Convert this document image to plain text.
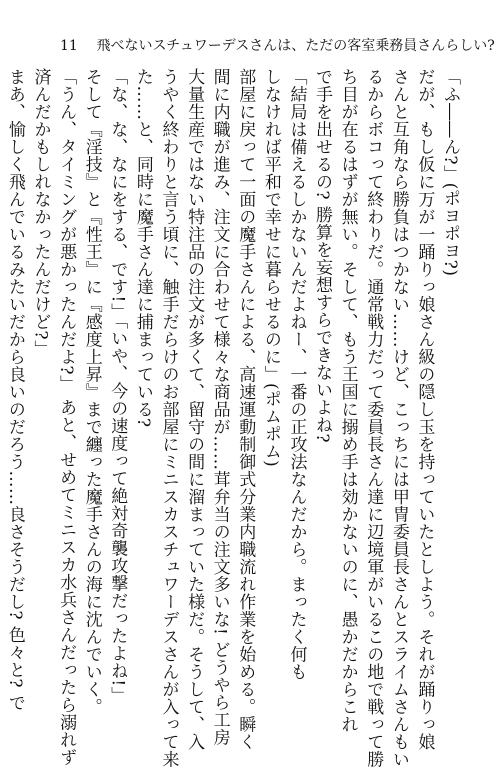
11 飛べないスチュワーデスさんは、ただの客室乗務員さんらしい?
「ふ――ん?」(ポヨポヨ?)
だが、もし仮に万が一踊りっ娘さん級の隠し玉を持っていたとしよう。それが踊りっ娘
さんと互角なら勝負はつかない……けど、こっちには甲冑委員長さんとスライムさんもい
るからボコって終わりだ。通常戦力だって委員長さん達に辺境軍がいるこの地で戦って勝
ち目が在るはずが無い。そして、もう王国に搦め手は効かないのに、愚かだからこれ
で手を出せるの? 勝算を妄想すらできないよね?
「結局は備えるしかないんだよねー、一番の正攻法なんだから。まったく何も
しなければ平和で幸せに暮らせるのに」(ポムポム)
部屋に戻って一面の魔手さんによる、高速運動制御式分業内職流れ作業を始める。瞬く
間に内職が進み、注文に合わせて様々な商品が……茸弁当の注文多いな! どうやら工房
大量生産ではない特注品の注文が多くて、留守の間に溜まっていた様だ。そうして、入
うやく終わりと言う頃に、触手だらけのお部屋にミニスカスチュワーデスさんが入って来
た……と、同時に魔手さん達に捕まっている?
「な、な、なにをする、です!」「いや、今の速度って絶対奇襲攻撃だったよね!」
そして『淫技』と『性王』に『感度上昇』まで纏った魔手さんの海に沈んでいく。
「うん、タイミングが悪かったんだよ?」 あと、せめてミニスカ水兵さんだったら溺れず
済んだかもしれなかったんだけど?」
まあ、愉しく飛んでいるみたいだから良いのだろう……良さそうだし? 色々と? で
